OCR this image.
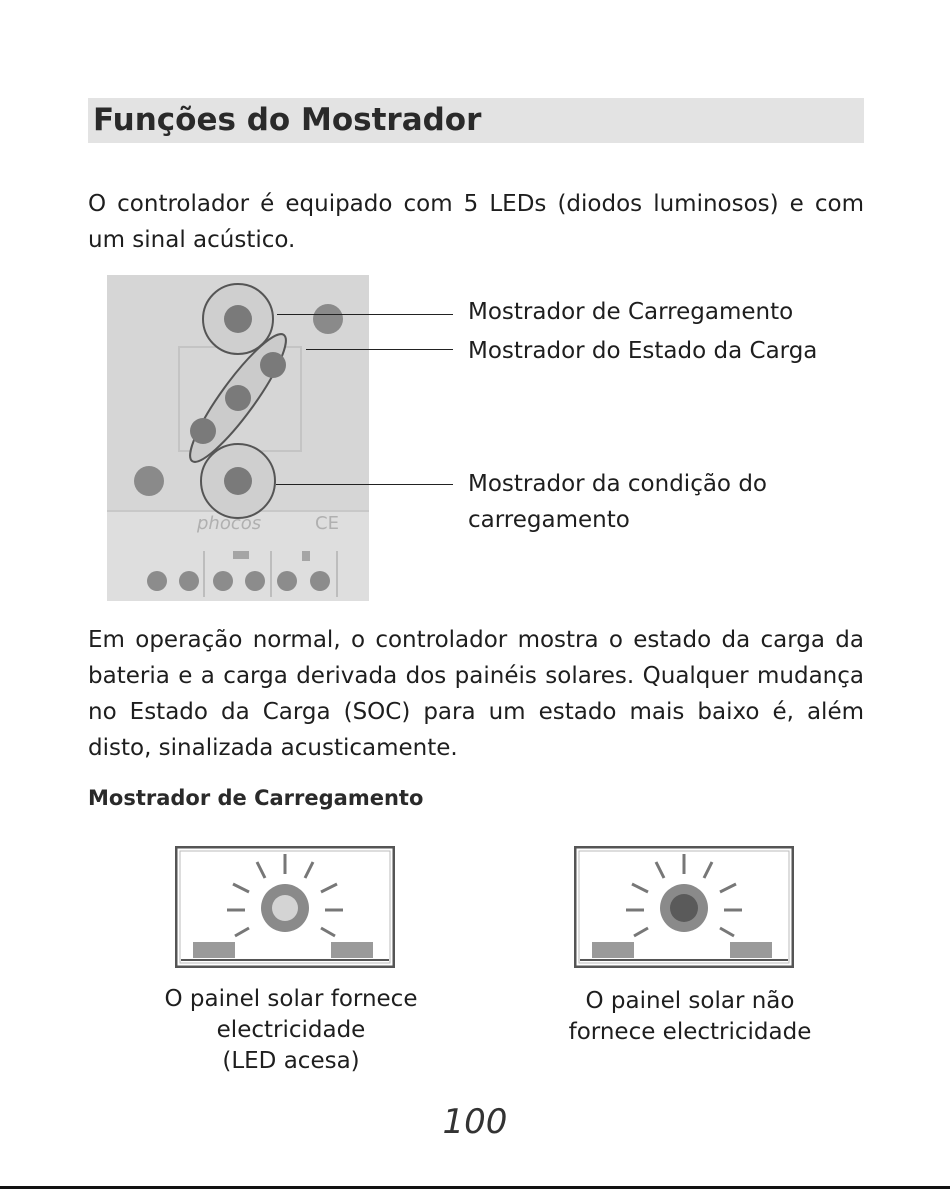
Funções do Mostrador
O controlador é equipado com 5 LEDs (diodos luminosos) e com um sinal acústico.
phocos	CE
Mostrador de Carregamento
Mostrador do Estado da Carga
Mostrador da condição do carregamento
Em operação normal, o controlador mostra o estado da carga da bateria e a carga derivada dos painéis solares. Qualquer mudança no Estado da Carga (SOC) para um estado mais baixo é, além disto, sinalizada acusticamente.
Mostrador de Carregamento
O painel solar fornece
electricidade
(LED acesa)
O painel solar não
fornece electricidade
100
